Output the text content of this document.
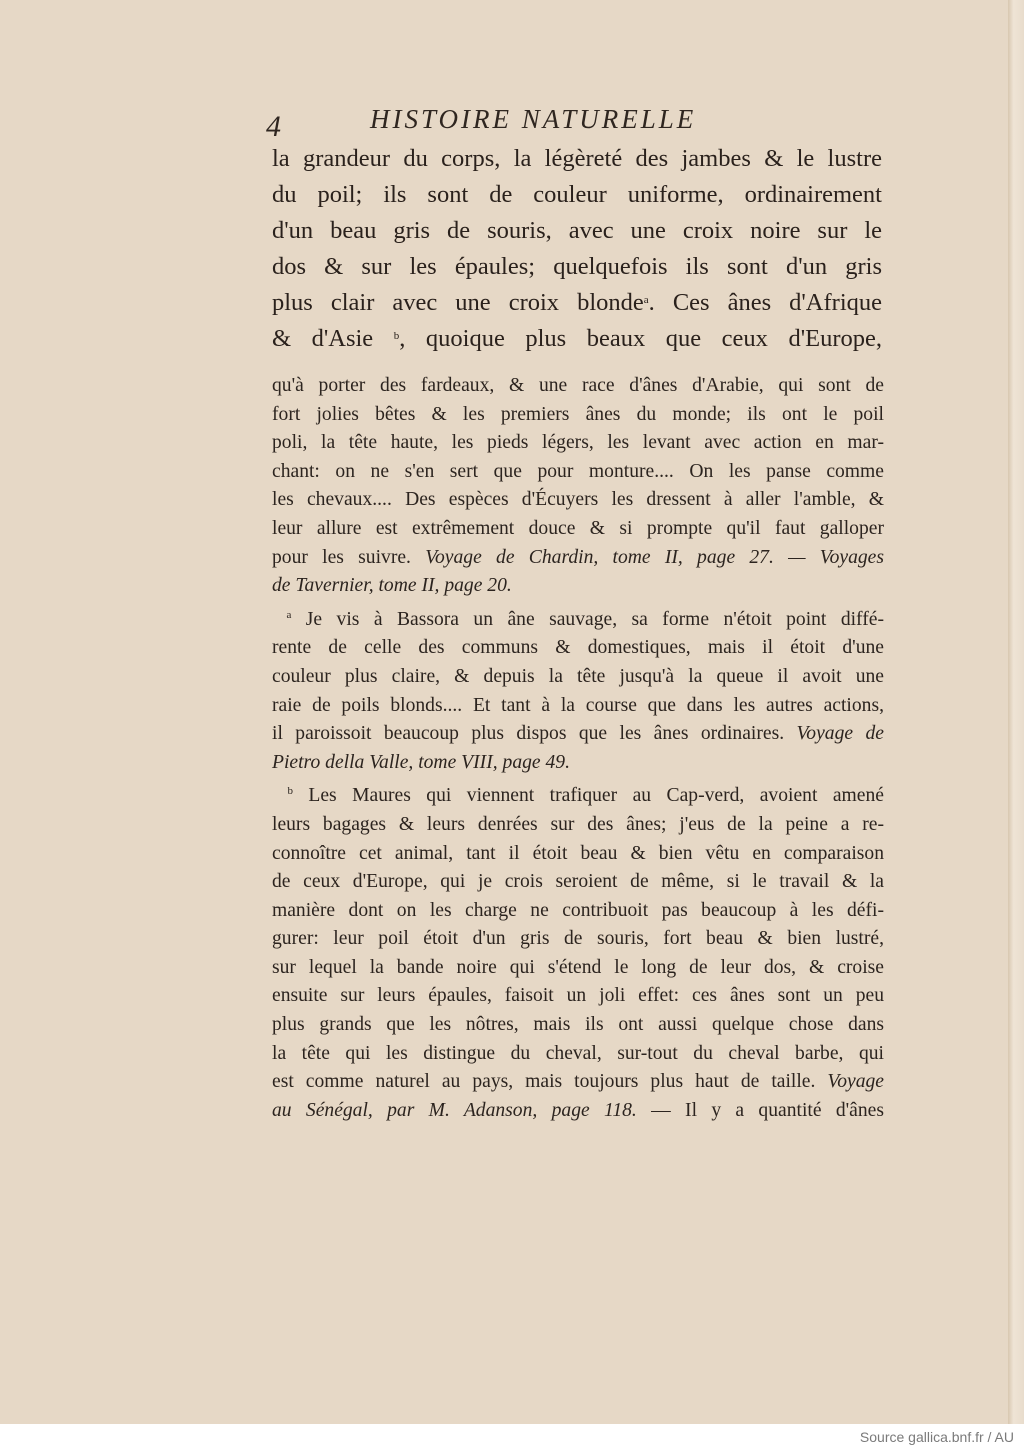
4	HISTOIRE NATURELLE
la grandeur du corps, la légèreté des jambes & le lustre
du poil; ils sont de couleur uniforme, ordinairement
d'un beau gris de souris, avec une croix noire sur le
dos & sur les épaules; quelquefois ils sont d'un gris
plus clair avec une croix blonde$^a$. Ces ânes d'Afrique
& d'Asie $^b$, quoique plus beaux que ceux d'Europe,
qu'à porter des fardeaux, & une race d'ânes d'Arabie, qui sont de
fort jolies bêtes & les premiers ânes du monde; ils ont le poil
poli, la tête haute, les pieds légers, les levant avec action en mar-
chant: on ne s'en sert que pour monture.... On les panse comme
les chevaux.... Des espèces d'Écuyers les dressent à aller l'amble, &
leur allure est extrêmement douce & si prompte qu'il faut galloper
pour les suivre. Voyage de Chardin, tome II, page 27. — Voyages
de Tavernier, tome II, page 20.
$^a$ Je vis à Bassora un âne sauvage, sa forme n'étoit point diffé-
rente de celle des communs & domestiques, mais il étoit d'une
couleur plus claire, & depuis la tête jusqu'à la queue il avoit une
raie de poils blonds.... Et tant à la course que dans les autres actions,
il paroissoit beaucoup plus dispos que les ânes ordinaires. Voyage de
Pietro della Valle, tome VIII, page 49.
$^b$ Les Maures qui viennent trafiquer au Cap-verd, avoient amené
leurs bagages & leurs denrées sur des ânes; j'eus de la peine a re-
connoître cet animal, tant il étoit beau & bien vêtu en comparaison
de ceux d'Europe, qui je crois seroient de même, si le travail & la
manière dont on les charge ne contribuoit pas beaucoup à les défi-
gurer: leur poil étoit d'un gris de souris, fort beau & bien lustré,
sur lequel la bande noire qui s'étend le long de leur dos, & croise
ensuite sur leurs épaules, faisoit un joli effet: ces ânes sont un peu
plus grands que les nôtres, mais ils ont aussi quelque chose dans
la tête qui les distingue du cheval, sur-tout du cheval barbe, qui
est comme naturel au pays, mais toujours plus haut de taille. Voyage
au Sénégal, par M. Adanson, page 118. — Il y a quantité d'ânes
Source gallica.bnf.fr / AU
